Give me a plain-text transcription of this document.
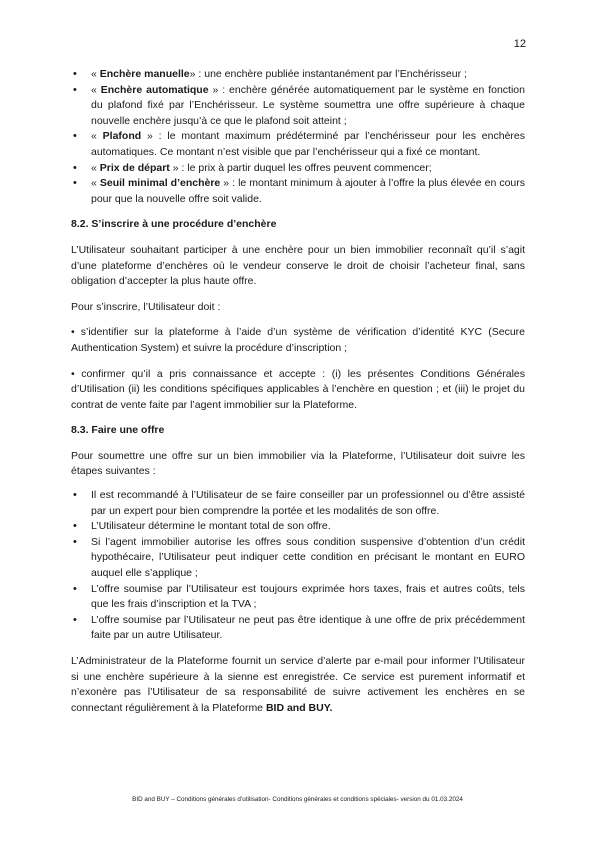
12
• « Enchère manuelle» : une enchère publiée instantanément par l’Enchérisseur ;
• « Enchère automatique » : enchère générée automatiquement par le système en fonction du plafond fixé par l’Enchérisseur. Le système soumettra une offre supérieure à chaque nouvelle enchère jusqu’à ce que le plafond soit atteint ;
• « Plafond » : le montant maximum prédéterminé par l’enchérisseur pour les enchères automatiques. Ce montant n’est visible que par l’enchérisseur qui a fixé ce montant.
• « Prix de départ » : le prix à partir duquel les offres peuvent commencer;
• « Seuil minimal d’enchère » : le montant minimum à ajouter à l’offre la plus élevée en cours pour que la nouvelle offre soit valide.
8.2. S’inscrire à une procédure d’enchère

L’Utilisateur souhaitant participer à une enchère pour un bien immobilier reconnaît qu’il s’agit d’une plateforme d’enchères où le vendeur conserve le droit de choisir l’acheteur final, sans obligation d’accepter la plus haute offre.

Pour s’inscrire, l’Utilisateur doit :

• s’identifier sur la plateforme à l’aide d’un système de vérification d’identité KYC (Secure Authentication System) et suivre la procédure d’inscription ;

• confirmer qu’il a pris connaissance et accepte : (i) les présentes Conditions Générales d’Utilisation (ii) les conditions spécifiques applicables à l’enchère en question ; et (iii) le projet du contrat de vente faite par l’agent immobilier sur la Plateforme.

8.3. Faire une offre

Pour soumettre une offre sur un bien immobilier via la Plateforme, l’Utilisateur doit suivre les étapes suivantes :

• Il est recommandé à l’Utilisateur de se faire conseiller par un professionnel ou d’être assisté par un expert pour bien comprendre la portée et les modalités de son offre.
• L’Utilisateur détermine le montant total de son offre.
• Si l’agent immobilier autorise les offres sous condition suspensive d’obtention d’un crédit hypothécaire, l’Utilisateur peut indiquer cette condition en précisant le montant en EURO auquel elle s’applique ;
• L’offre soumise par l’Utilisateur est toujours exprimée hors taxes, frais et autres coûts, tels que les frais d’inscription et la TVA ;
• L’offre soumise par l’Utilisateur ne peut pas être identique à une offre de prix précédemment faite par un autre Utilisateur.

L’Administrateur de la Plateforme fournit un service d’alerte par e-mail pour informer l’Utilisateur si une enchère supérieure à la sienne est enregistrée. Ce service est purement informatif et n’exonère pas l’Utilisateur de sa responsabilité de suivre activement les enchères en se connectant régulièrement à la Plateforme BID and BUY.

BID and BUY – Conditions générales d’utilisation- Conditions générales et conditions spéciales- version du 01.03.2024
